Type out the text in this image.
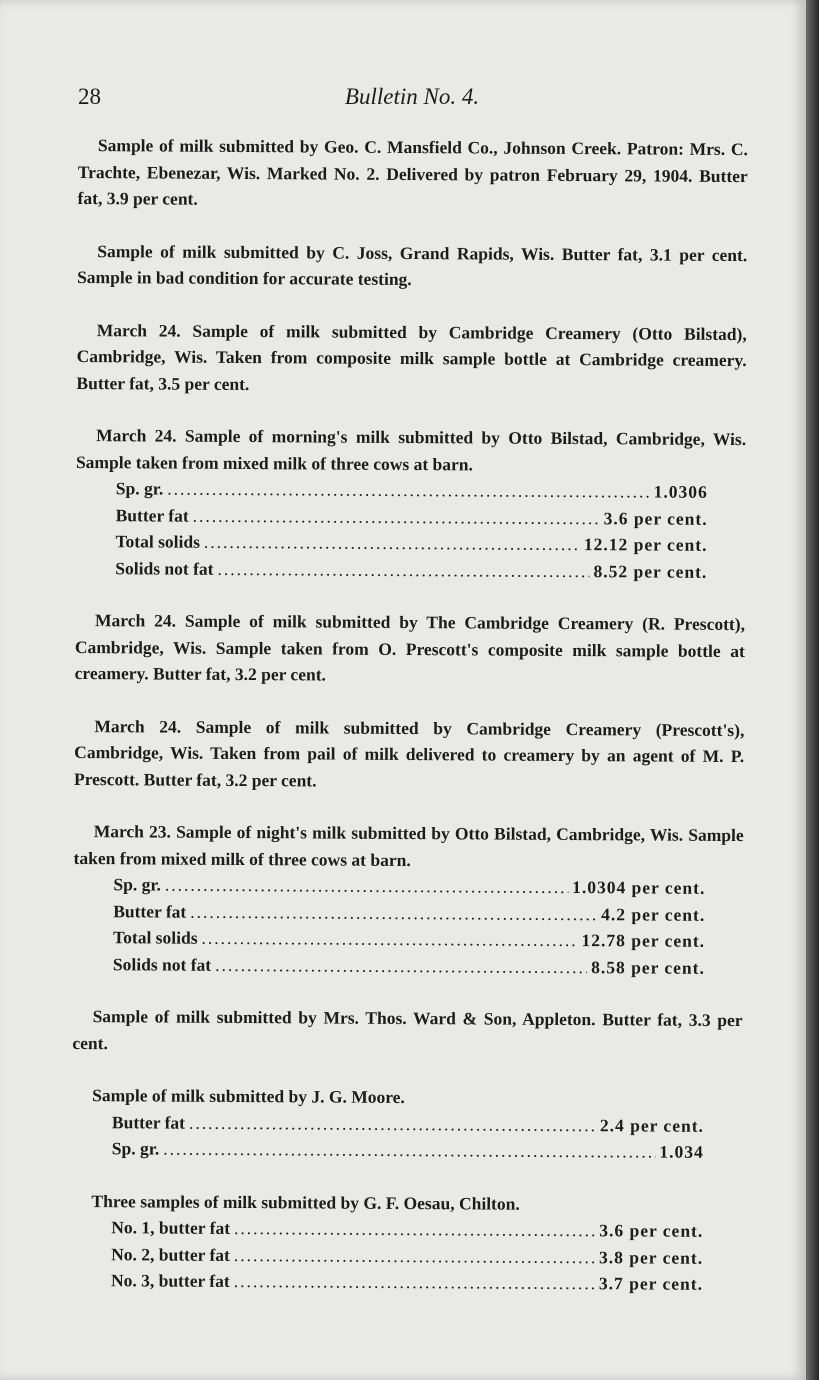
28	Bulletin No. 4.

Sample of milk submitted by Geo. C. Mansfield Co., Johnson Creek. Patron: Mrs. C. Trachte, Ebenezar, Wis. Marked No. 2. Delivered by patron February 29, 1904. Butter fat, 3.9 per cent.

Sample of milk submitted by C. Joss, Grand Rapids, Wis. Butter fat, 3.1 per cent. Sample in bad condition for accurate testing.

March 24. Sample of milk submitted by Cambridge Creamery (Otto Bilstad), Cambridge, Wis. Taken from composite milk sample bottle at Cambridge creamery. Butter fat, 3.5 per cent.

March 24. Sample of morning's milk submitted by Otto Bilstad, Cambridge, Wis. Sample taken from mixed milk of three cows at barn.

Sp. gr. .....	1.0306
Butter fat .....	3.6 per cent.
Total solids .....	12.12 per cent.
Solids not fat .....	8.52 per cent.

March 24. Sample of milk submitted by The Cambridge Creamery (R. Prescott), Cambridge, Wis. Sample taken from O. Prescott's composite milk sample bottle at creamery. Butter fat, 3.2 per cent.

March 24. Sample of milk submitted by Cambridge Creamery (Prescott's), Cambridge, Wis. Taken from pail of milk delivered to creamery by an agent of M. P. Prescott. Butter fat, 3.2 per cent.

March 23. Sample of night's milk submitted by Otto Bilstad, Cambridge, Wis. Sample taken from mixed milk of three cows at barn.

Sp. gr. .....	1.0304 per cent.
Butter fat .....	4.2 per cent.
Total solids .....	12.78 per cent.
Solids not fat .....	8.58 per cent.

Sample of milk submitted by Mrs. Thos. Ward & Son, Appleton. Butter fat, 3.3 per cent.

Sample of milk submitted by J. G. Moore.

Butter fat .....	2.4 per cent.
Sp. gr. .....	1.034

Three samples of milk submitted by G. F. Oesau, Chilton.

No. 1, butter fat .....	3.6 per cent.
No. 2, butter fat .....	3.8 per cent.
No. 3, butter fat .....	3.7 per cent.
